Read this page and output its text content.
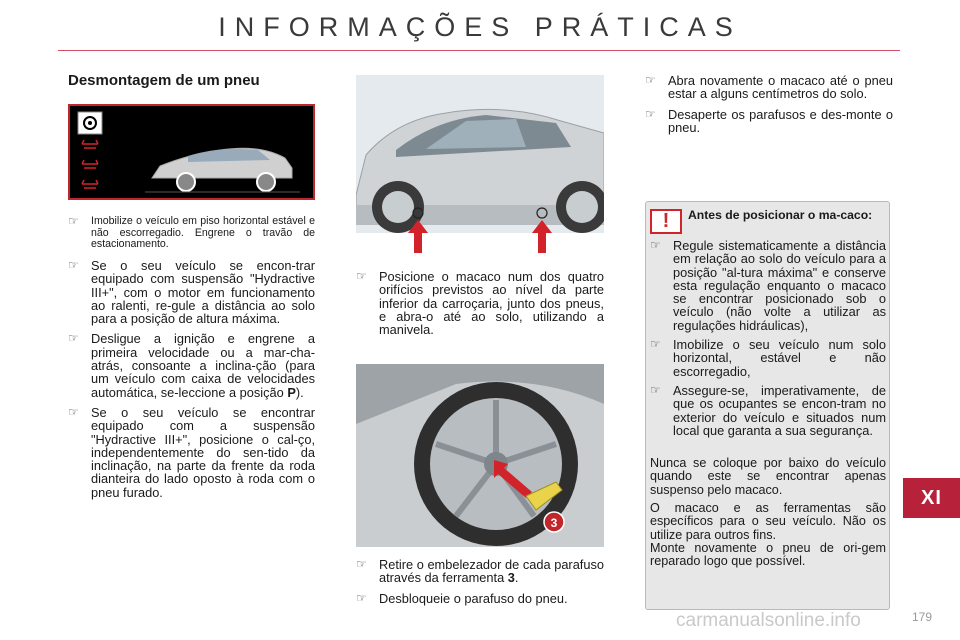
INFORMAÇÕES PRÁTICAS
Desmontagem de um pneu
☞ Imobilize o veículo em piso horizontal estável e não escorregadio. Engrene o travão de estacionamento.
☞ Se o seu veículo se encon-trar equipado com suspensão "Hydractive III+", com o motor em funcionamento ao ralenti, re-gule a distância ao solo para a posição de altura máxima.
☞ Desligue a ignição e engrene a primeira velocidade ou a mar-cha-atrás, consoante a inclina-ção (para um veículo com caixa de velocidades automática, se-leccione a posição P).
☞ Se o seu veículo se encontrar equipado com a suspensão "Hydractive III+", posicione o cal-ço, independentemente do sen-tido da inclinação, na parte da frente da roda dianteira do lado oposto à roda com o pneu furado.
☞ Posicione o macaco num dos quatro orifícios previstos ao nível da parte inferior da carroçaria, junto dos pneus, e abra-o até ao solo, utilizando a manivela.
3
☞ Retire o embelezador de cada parafuso através da ferramenta 3.
☞ Desbloqueie o parafuso do pneu.
☞ Abra novamente o macaco até o pneu estar a alguns centímetros do solo.
☞ Desaperte os parafusos e des-monte o pneu.
!	Antes de posicionar o ma-caco:
☞ Regule sistematicamente a distância em relação ao solo do veículo para a posição "al-tura máxima" e conserve esta regulação enquanto o macaco se encontrar posicionado sob o veículo (não volte a utilizar as regulações hidráulicas),
☞ Imobilize o seu veículo num solo horizontal, estável e não escorregadio,
☞ Assegure-se, imperativamente, de que os ocupantes se encon-tram no exterior do veículo e situados num local que garanta a sua segurança.
Nunca se coloque por baixo do veículo quando este se encontrar apenas suspenso pelo macaco.
O macaco e as ferramentas são específicos para o seu veículo. Não os utilize para outros fins.
Monte novamente o pneu de ori-gem reparado logo que possível.
XI
carmanualsonline.info	179
